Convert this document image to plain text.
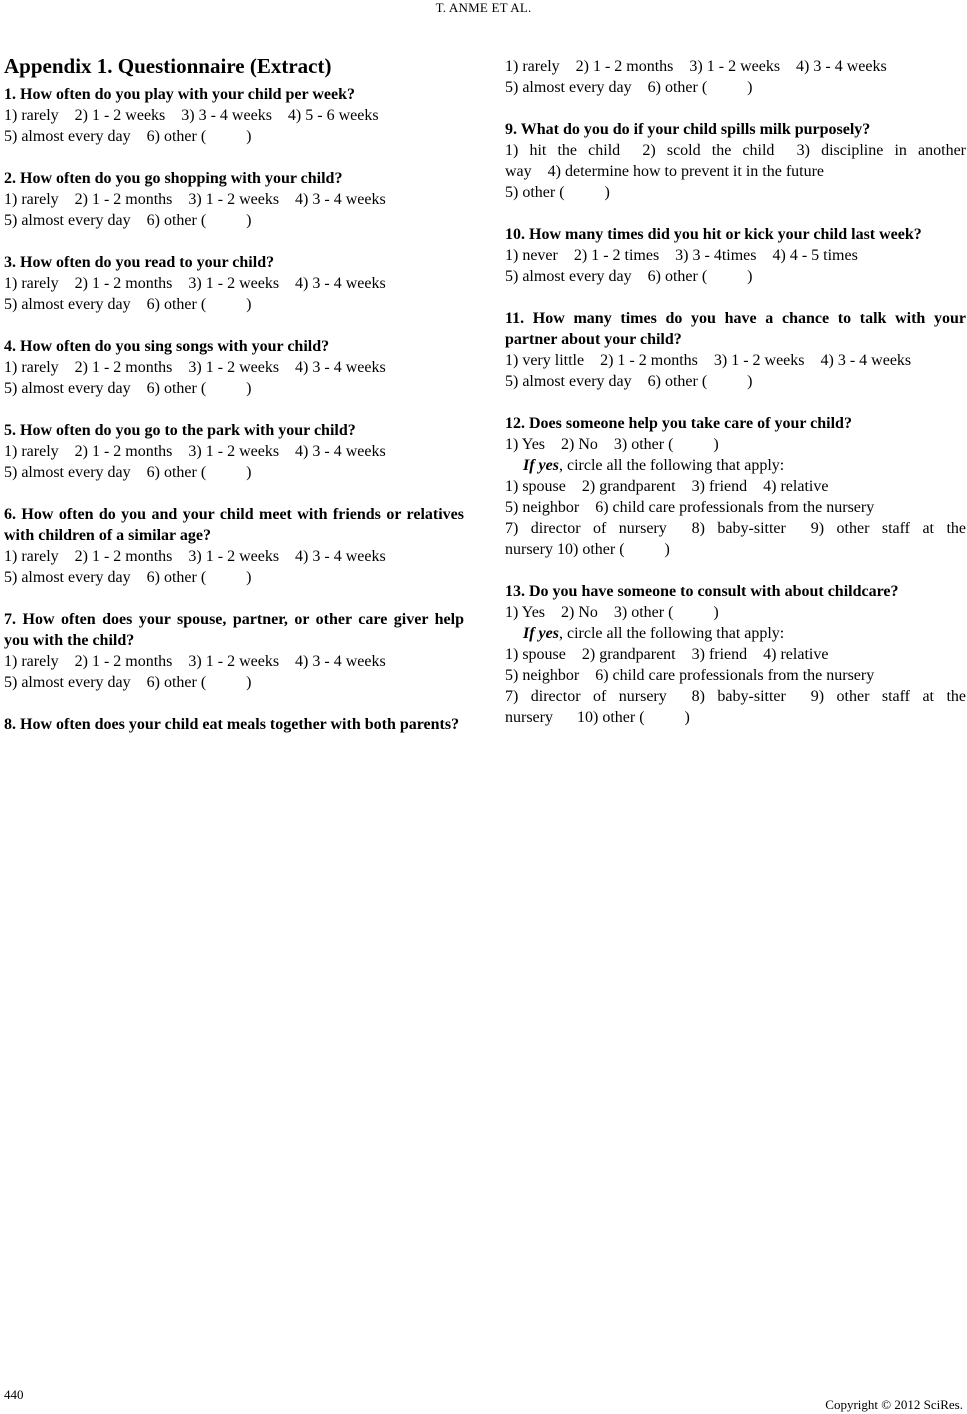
T. ANME ET AL.
Appendix 1. Questionnaire (Extract)
1. How often do you play with your child per week?
1) rarely    2) 1 - 2 weeks    3) 3 - 4 weeks    4) 5 - 6 weeks
5) almost every day    6) other (          )
2. How often do you go shopping with your child?
1) rarely    2) 1 - 2 months    3) 1 - 2 weeks    4) 3 - 4 weeks
5) almost every day    6) other (          )
3. How often do you read to your child?
1) rarely    2) 1 - 2 months    3) 1 - 2 weeks    4) 3 - 4 weeks
5) almost every day    6) other (          )
4. How often do you sing songs with your child?
1) rarely    2) 1 - 2 months    3) 1 - 2 weeks    4) 3 - 4 weeks
5) almost every day    6) other (          )
5. How often do you go to the park with your child?
1) rarely    2) 1 - 2 months    3) 1 - 2 weeks    4) 3 - 4 weeks
5) almost every day    6) other (          )
6. How often do you and your child meet with friends or relatives with children of a similar age?
1) rarely    2) 1 - 2 months    3) 1 - 2 weeks    4) 3 - 4 weeks
5) almost every day    6) other (          )
7. How often does your spouse, partner, or other care giver help you with the child?
1) rarely    2) 1 - 2 months    3) 1 - 2 weeks    4) 3 - 4 weeks
5) almost every day    6) other (          )
8. How often does your child eat meals together with both parents?
1) rarely    2) 1 - 2 months    3) 1 - 2 weeks    4) 3 - 4 weeks
5) almost every day    6) other (          )
9. What do you do if your child spills milk purposely?
1)  hit  the  child    2)  scold  the  child    3)  discipline  in  another
way    4) determine how to prevent it in the future
5) other (          )
10. How many times did you hit or kick your child last week?
1) never    2) 1 - 2 times    3) 3 - 4times    4) 4 - 5 times
5) almost every day    6) other (          )
11. How many times do you have a chance to talk with your partner about your child?
1) very little    2) 1 - 2 months    3) 1 - 2 weeks    4) 3 - 4 weeks
5) almost every day    6) other (          )
12. Does someone help you take care of your child?
1) Yes    2) No    3) other (          )
If yes, circle all the following that apply:
1) spouse    2) grandparent    3) friend    4) relative
5) neighbor    6) child care professionals from the nursery
7)  director  of  nursery    8)  baby-sitter    9)  other  staff  at  the
nursery 10) other (          )
13. Do you have someone to consult with about childcare?
1) Yes    2) No    3) other (          )
If yes, circle all the following that apply:
1) spouse    2) grandparent    3) friend    4) relative
5) neighbor    6) child care professionals from the nursery
7)  director  of  nursery    8)  baby-sitter    9)  other  staff  at  the
nursery      10) other (          )
440
Copyright © 2012 SciRes.
